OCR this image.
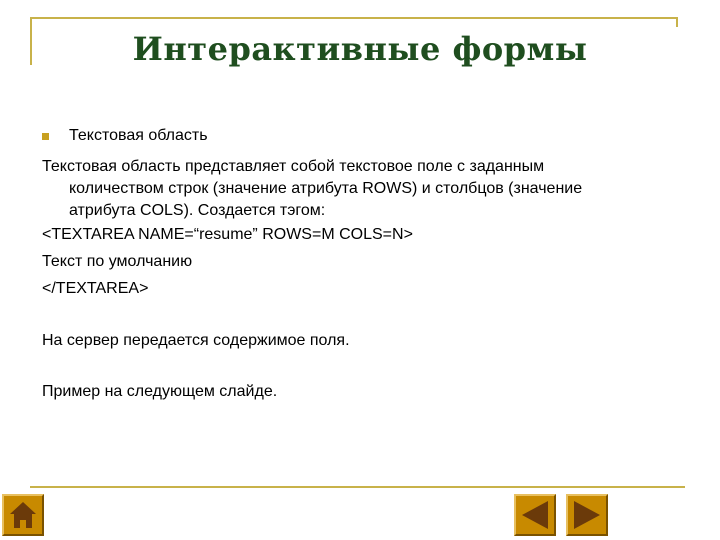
Интерактивные формы
Текстовая область
Текстовая область представляет собой текстовое поле с заданным
количеством строк (значение атрибута ROWS) и столбцов (значение
атрибута COLS). Создается тэгом:
<TEXTAREA NAME=“resume” ROWS=M COLS=N>
Текст по умолчанию
</TEXTAREA>
На сервер передается содержимое поля.
Пример на следующем слайде.
